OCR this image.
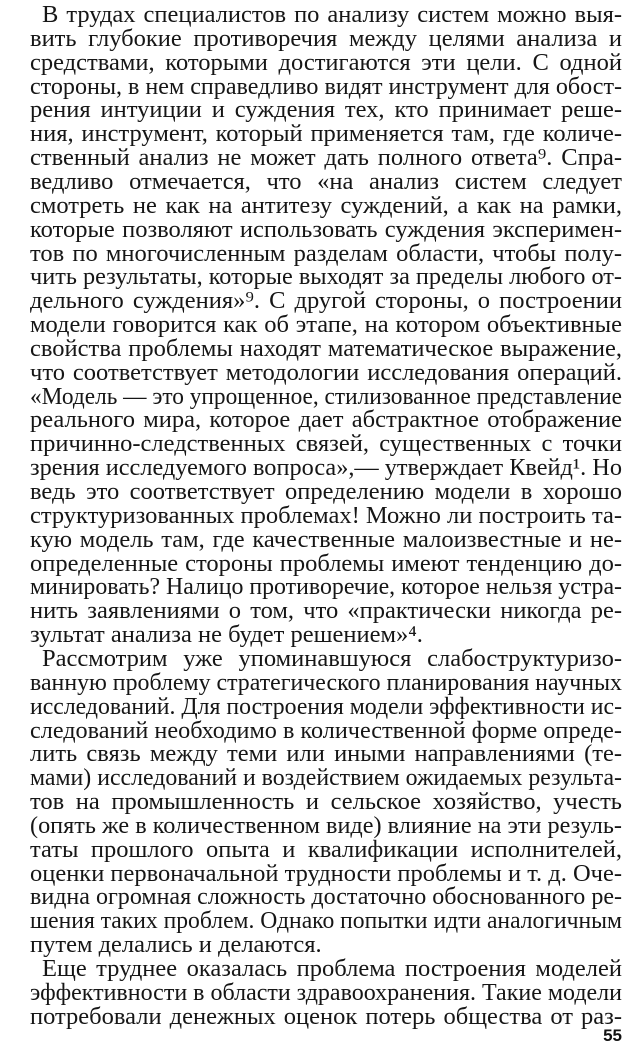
В трудах специалистов по анализу систем можно выя-
вить глубокие противоречия между целями анализа и
средствами, которыми достигаются эти цели. С одной
стороны, в нем справедливо видят инструмент для обост-
рения интуиции и суждения тех, кто принимает реше-
ния, инструмент, который применяется там, где количе-
ственный анализ не может дать полного ответа⁹. Спра-
ведливо отмечается, что «на анализ систем следует
смотреть не как на антитезу суждений, а как на рамки,
которые позволяют использовать суждения эксперимен-
тов по многочисленным разделам области, чтобы полу-
чить результаты, которые выходят за пределы любого от-
дельного суждения»⁹. С другой стороны, о построении
модели говорится как об этапе, на котором объективные
свойства проблемы находят математическое выражение,
что соответствует методологии исследования операций.
«Модель — это упрощенное, стилизованное представление
реального мира, которое дает абстрактное отображение
причинно-следственных связей, существенных с точки
зрения исследуемого вопроса»,— утверждает Квейд¹. Но
ведь это соответствует определению модели в хорошо
структуризованных проблемах! Можно ли построить та-
кую модель там, где качественные малоизвестные и не-
определенные стороны проблемы имеют тенденцию до-
минировать? Налицо противоречие, которое нельзя устра-
нить заявлениями о том, что «практически никогда ре-
зультат анализа не будет решением»⁴.
Рассмотрим уже упоминавшуюся слабоструктуризо-
ванную проблему стратегического планирования научных
исследований. Для построения модели эффективности ис-
следований необходимо в количественной форме опреде-
лить связь между теми или иными направлениями (те-
мами) исследований и воздействием ожидаемых результа-
тов на промышленность и сельское хозяйство, учесть
(опять же в количественном виде) влияние на эти резуль-
таты прошлого опыта и квалификации исполнителей,
оценки первоначальной трудности проблемы и т. д. Оче-
видна огромная сложность достаточно обоснованного ре-
шения таких проблем. Однако попытки идти аналогичным
путем делались и делаются.
Еще труднее оказалась проблема построения моделей
эффективности в области здравоохранения. Такие модели
потребовали денежных оценок потерь общества от раз-
55
